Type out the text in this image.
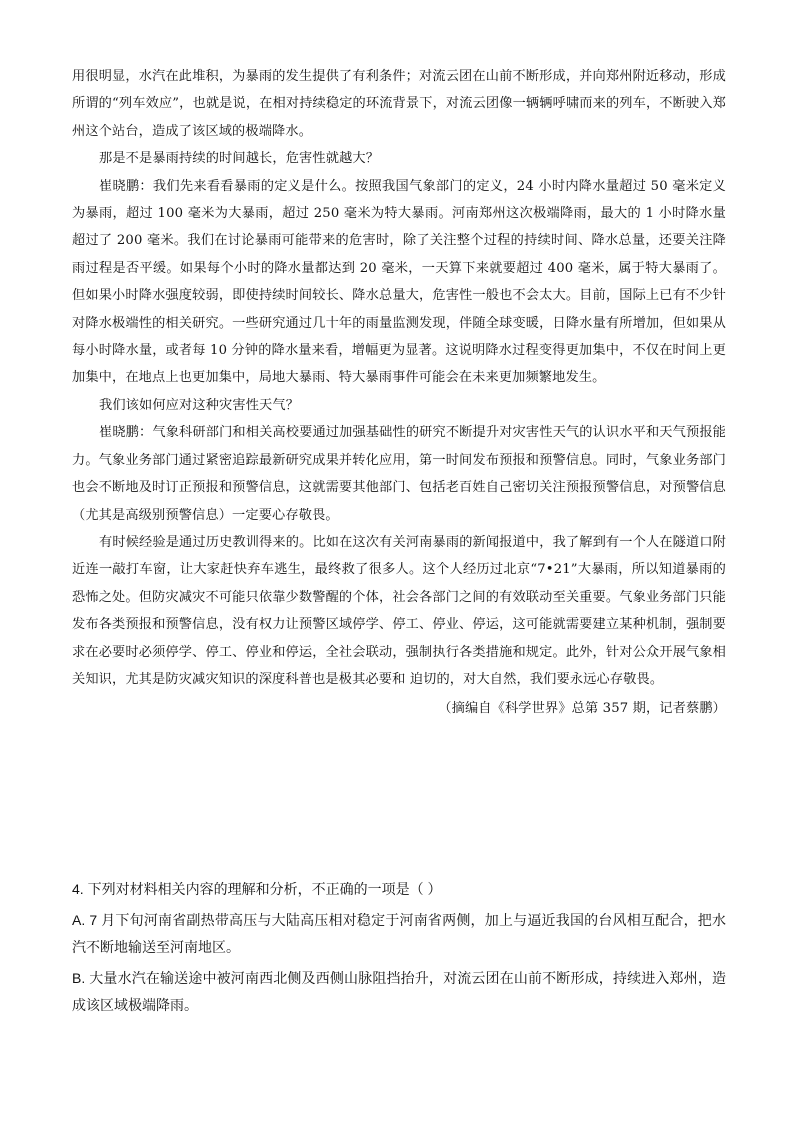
用很明显，水汽在此堆积，为暴雨的发生提供了有利条件；对流云团在山前不断形成，并向郑州附近移动，形成所谓的“列车效应”，也就是说，在相对持续稳定的环流背景下，对流云团像一辆辆呼啸而来的列车，不断驶入郑州这个站台，造成了该区域的极端降水。

那是不是暴雨持续的时间越长，危害性就越大？

崔晓鹏：我们先来看看暴雨的定义是什么。按照我国气象部门的定义，24 小时内降水量超过 50 毫米定义为暴雨，超过 100 毫米为大暴雨，超过 250 毫米为特大暴雨。河南郑州这次极端降雨，最大的 1 小时降水量超过了 200 毫米。我们在讨论暴雨可能带来的危害时，除了关注整个过程的持续时间、降水总量，还要关注降雨过程是否平缓。如果每个小时的降水量都达到 20 毫米，一天算下来就要超过 400 毫米，属于特大暴雨了。但如果小时降水强度较弱，即使持续时间较长、降水总量大，危害性一般也不会太大。目前，国际上已有不少针对降水极端性的相关研究。一些研究通过几十年的雨量监测发现，伴随全球变暖，日降水量有所增加，但如果从每小时降水量，或者每 10 分钟的降水量来看，增幅更为显著。这说明降水过程变得更加集中，不仅在时间上更加集中，在地点上也更加集中，局地大暴雨、特大暴雨事件可能会在未来更加频繁地发生。

我们该如何应对这种灾害性天气？

崔晓鹏：气象科研部门和相关高校要通过加强基础性的研究不断提升对灾害性天气的认识水平和天气预报能力。气象业务部门通过紧密追踪最新研究成果并转化应用，第一时间发布预报和预警信息。同时，气象业务部门也会不断地及时订正预报和预警信息，这就需要其他部门、包括老百姓自己密切关注预报预警信息，对预警信息（尤其是高级别预警信息）一定要心存敬畏。

有时候经验是通过历史教训得来的。比如在这次有关河南暴雨的新闻报道中，我了解到有一个人在隧道口附近连一敲打车窗，让大家赶快弃车逃生，最终救了很多人。这个人经历过北京“7•21”大暴雨，所以知道暴雨的恐怖之处。但防灾减灾不可能只依靠少数警醒的个体，社会各部门之间的有效联动至关重要。气象业务部门只能发布各类预报和预警信息，没有权力让预警区域停学、停工、停业、停运，这可能就需要建立某种机制，强制要求在必要时必须停学、停工、停业和停运，全社会联动，强制执行各类措施和规定。此外，针对公众开展气象相关知识，尤其是防灾减灾知识的深度科普也是极其必要和 迫切的，对大自然，我们要永远心存敬畏。

（摘编自《科学世界》总第 357 期，记者蔡鹏）

4. 下列对材料相关内容的理解和分析，不正确的一项是（ ）

A. 7 月下旬河南省副热带高压与大陆高压相对稳定于河南省两侧，加上与逼近我国的台风相互配合，把水汽不断地输送至河南地区。

B. 大量水汽在输送途中被河南西北侧及西侧山脉阻挡抬升，对流云团在山前不断形成，持续进入郑州，造成该区域极端降雨。
